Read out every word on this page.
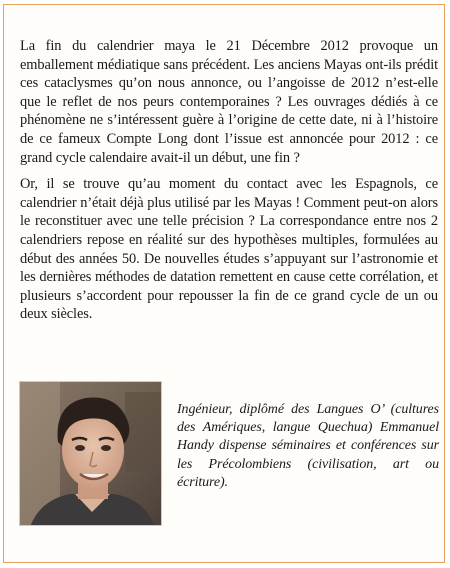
La fin du calendrier maya le 21 Décembre 2012 provoque un emballement médiatique sans précédent. Les anciens Mayas ont-ils prédit ces cataclysmes qu’on nous annonce, ou l’angoisse de 2012 n’est-elle que le reflet de nos peurs contemporaines ? Les ouvrages dédiés à ce phénomène ne s’intéressent guère à l’origine de cette date, ni à l’histoire de ce fameux Compte Long dont l’issue est annoncée pour 2012 : ce grand cycle calendaire avait-il un début, une fin ?

Or, il se trouve qu’au moment du contact avec les Espagnols, ce calendrier n’était déjà plus utilisé par les Mayas ! Comment peut-on alors le reconstituer avec une telle précision ? La correspondance entre nos 2 calendriers repose en réalité sur des hypothèses multiples, formulées au début des années 50. De nouvelles études s’appuyant sur l’astronomie et les dernières méthodes de datation remettent en cause cette corrélation, et plusieurs s’accordent pour repousser la fin de ce grand cycle de un ou deux siècles.

Ingénieur, diplômé des Langues O’ (cultures des Amériques, langue Quechua) Emmanuel Handy dispense séminaires et conférences sur les Précolombiens (civilisation, art ou écriture).
